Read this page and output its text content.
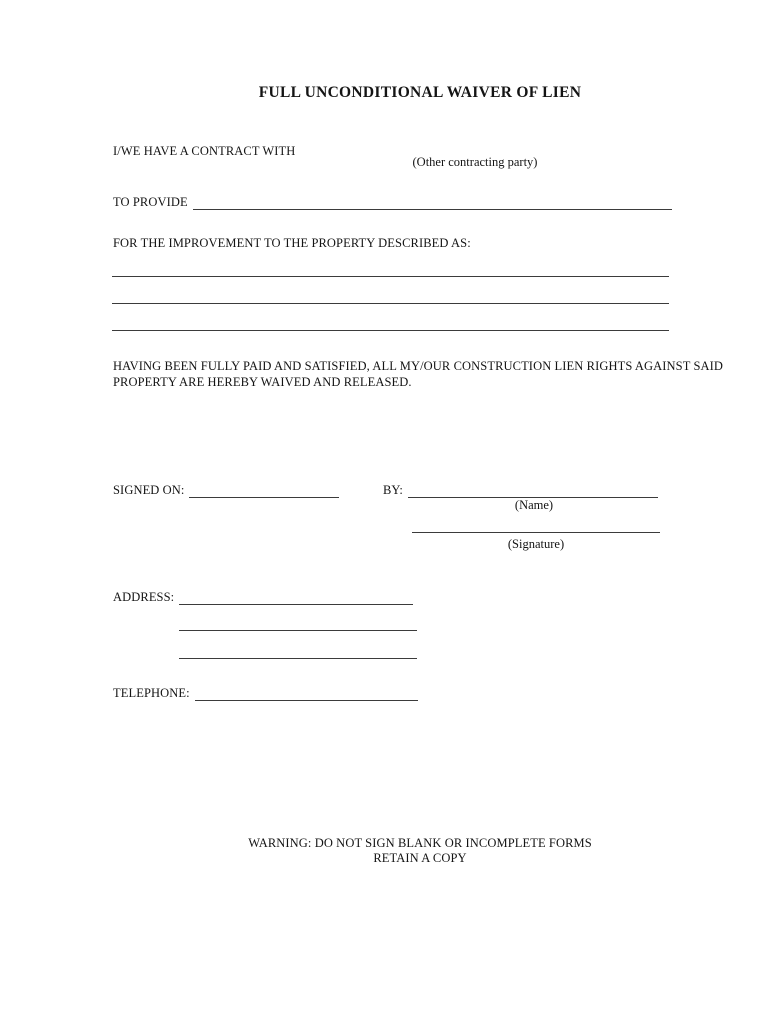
FULL UNCONDITIONAL WAIVER OF LIEN
I/WE HAVE A CONTRACT WITH
(Other contracting party)
TO PROVIDE
FOR THE IMPROVEMENT TO THE PROPERTY DESCRIBED AS:
HAVING BEEN FULLY PAID AND SATISFIED, ALL MY/OUR CONSTRUCTION LIEN RIGHTS AGAINST SAID PROPERTY ARE HEREBY WAIVED AND RELEASED.
SIGNED ON:	BY:
(Name)
(Signature)
ADDRESS:
TELEPHONE:
WARNING: DO NOT SIGN BLANK OR INCOMPLETE FORMS
RETAIN A COPY
